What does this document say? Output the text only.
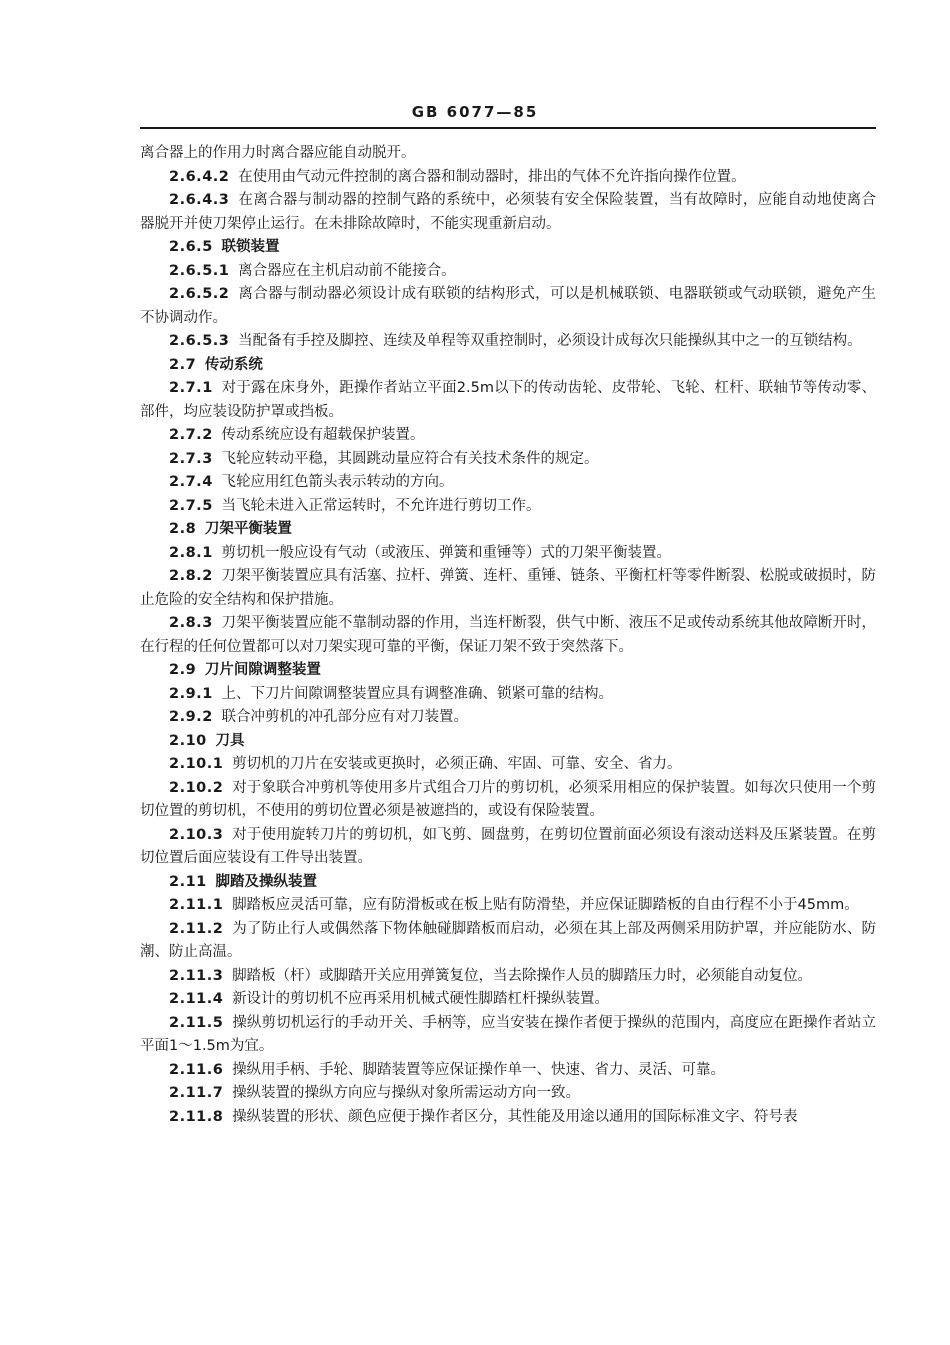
GB 6077—85

离合器上的作用力时离合器应能自动脱开。

2.6.4.2 在使用由气动元件控制的离合器和制动器时，排出的气体不允许指向操作位置。

2.6.4.3 在离合器与制动器的控制气路的系统中，必须装有安全保险装置，当有故障时，应能自动地使离合器脱开并使刀架停止运行。在未排除故障时，不能实现重新启动。

2.6.5 联锁装置

2.6.5.1 离合器应在主机启动前不能接合。

2.6.5.2 离合器与制动器必须设计成有联锁的结构形式，可以是机械联锁、电器联锁或气动联锁，避免产生不协调动作。

2.6.5.3 当配备有手控及脚控、连续及单程等双重控制时，必须设计成每次只能操纵其中之一的互锁结构。

2.7 传动系统

2.7.1 对于露在床身外，距操作者站立平面2.5m以下的传动齿轮、皮带轮、飞轮、杠杆、联轴节等传动零、部件，均应装设防护罩或挡板。

2.7.2 传动系统应设有超载保护装置。

2.7.3 飞轮应转动平稳，其圆跳动量应符合有关技术条件的规定。

2.7.4 飞轮应用红色箭头表示转动的方向。

2.7.5 当飞轮未进入正常运转时，不允许进行剪切工作。

2.8 刀架平衡装置

2.8.1 剪切机一般应设有气动（或液压、弹簧和重锤等）式的刀架平衡装置。

2.8.2 刀架平衡装置应具有活塞、拉杆、弹簧、连杆、重锤、链条、平衡杠杆等零件断裂、松脱或破损时，防止危险的安全结构和保护措施。

2.8.3 刀架平衡装置应能不靠制动器的作用，当连杆断裂，供气中断、液压不足或传动系统其他故障断开时，在行程的任何位置都可以对刀架实现可靠的平衡，保证刀架不致于突然落下。

2.9 刀片间隙调整装置

2.9.1 上、下刀片间隙调整装置应具有调整准确、锁紧可靠的结构。

2.9.2 联合冲剪机的冲孔部分应有对刀装置。

2.10 刀具

2.10.1 剪切机的刀片在安装或更换时，必须正确、牢固、可靠、安全、省力。

2.10.2 对于象联合冲剪机等使用多片式组合刀片的剪切机，必须采用相应的保护装置。如每次只使用一个剪切位置的剪切机，不使用的剪切位置必须是被遮挡的，或设有保险装置。

2.10.3 对于使用旋转刀片的剪切机，如飞剪、圆盘剪，在剪切位置前面必须设有滚动送料及压紧装置。在剪切位置后面应装设有工件导出装置。

2.11 脚踏及操纵装置

2.11.1 脚踏板应灵活可靠，应有防滑板或在板上贴有防滑垫，并应保证脚踏板的自由行程不小于45mm。

2.11.2 为了防止行人或偶然落下物体触碰脚踏板而启动，必须在其上部及两侧采用防护罩，并应能防水、防潮、防止高温。

2.11.3 脚踏板（杆）或脚踏开关应用弹簧复位，当去除操作人员的脚踏压力时，必须能自动复位。

2.11.4 新设计的剪切机不应再采用机械式硬性脚踏杠杆操纵装置。

2.11.5 操纵剪切机运行的手动开关、手柄等，应当安装在操作者便于操纵的范围内，高度应在距操作者站立平面1～1.5m为宜。

2.11.6 操纵用手柄、手轮、脚踏装置等应保证操作单一、快速、省力、灵活、可靠。

2.11.7 操纵装置的操纵方向应与操纵对象所需运动方向一致。

2.11.8 操纵装置的形状、颜色应便于操作者区分，其性能及用途以通用的国际标准文字、符号表
